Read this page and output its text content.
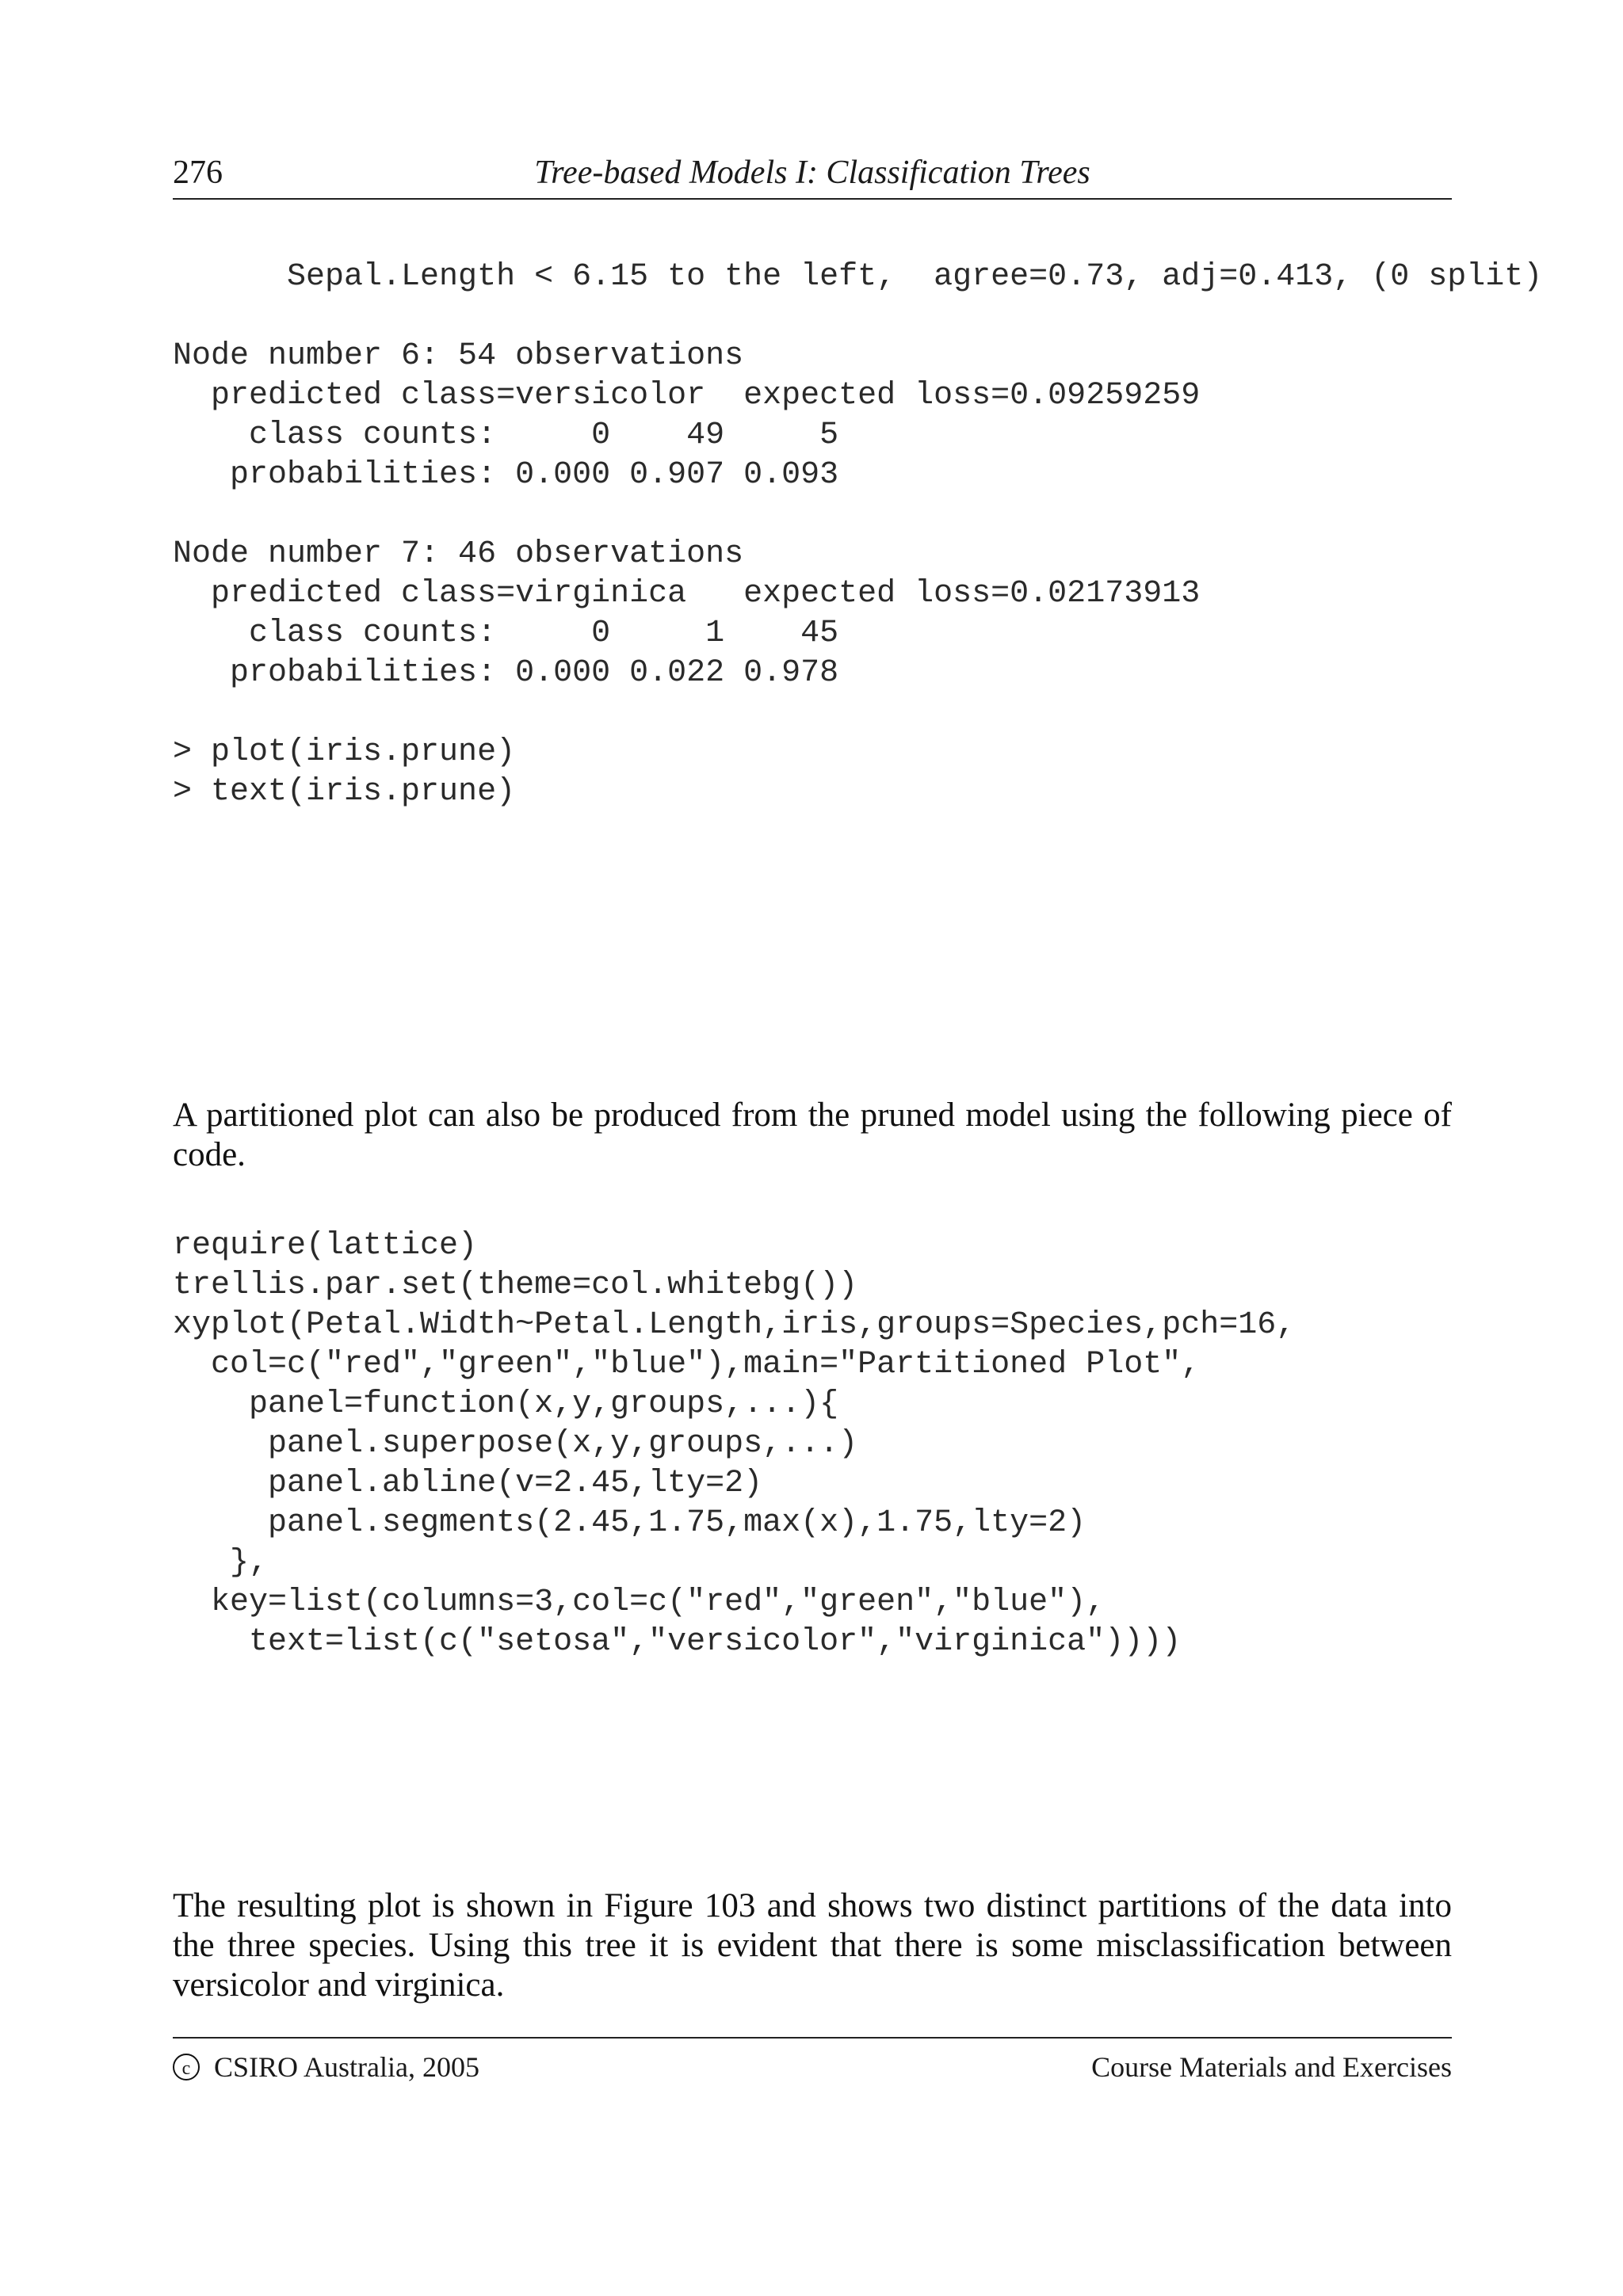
276	Tree-based Models I: Classification Trees
Sepal.Length < 6.15 to the left,  agree=0.73, adj=0.413, (0 split)

Node number 6: 54 observations
predicted class=versicolor  expected loss=0.09259259
class counts:     0    49     5
probabilities: 0.000 0.907 0.093

Node number 7: 46 observations
predicted class=virginica   expected loss=0.02173913
class counts:     0     1    45
probabilities: 0.000 0.022 0.978

> plot(iris.prune)
> text(iris.prune)

A partitioned plot can also be produced from the pruned model using the following piece of code.

require(lattice)
trellis.par.set(theme=col.whitebg())
xyplot(Petal.Width~Petal.Length,iris,groups=Species,pch=16,
col=c("red","green","blue"),main="Partitioned Plot",
panel=function(x,y,groups,...){
panel.superpose(x,y,groups,...)
panel.abline(v=2.45,lty=2)
panel.segments(2.45,1.75,max(x),1.75,lty=2)
},
key=list(columns=3,col=c("red","green","blue"),
text=list(c("setosa","versicolor","virginica"))))

The resulting plot is shown in Figure 103 and shows two distinct partitions of the data into the three species. Using this tree it is evident that there is some misclassification between versicolor and virginica.

c CSIRO Australia, 2005	Course Materials and Exercises
